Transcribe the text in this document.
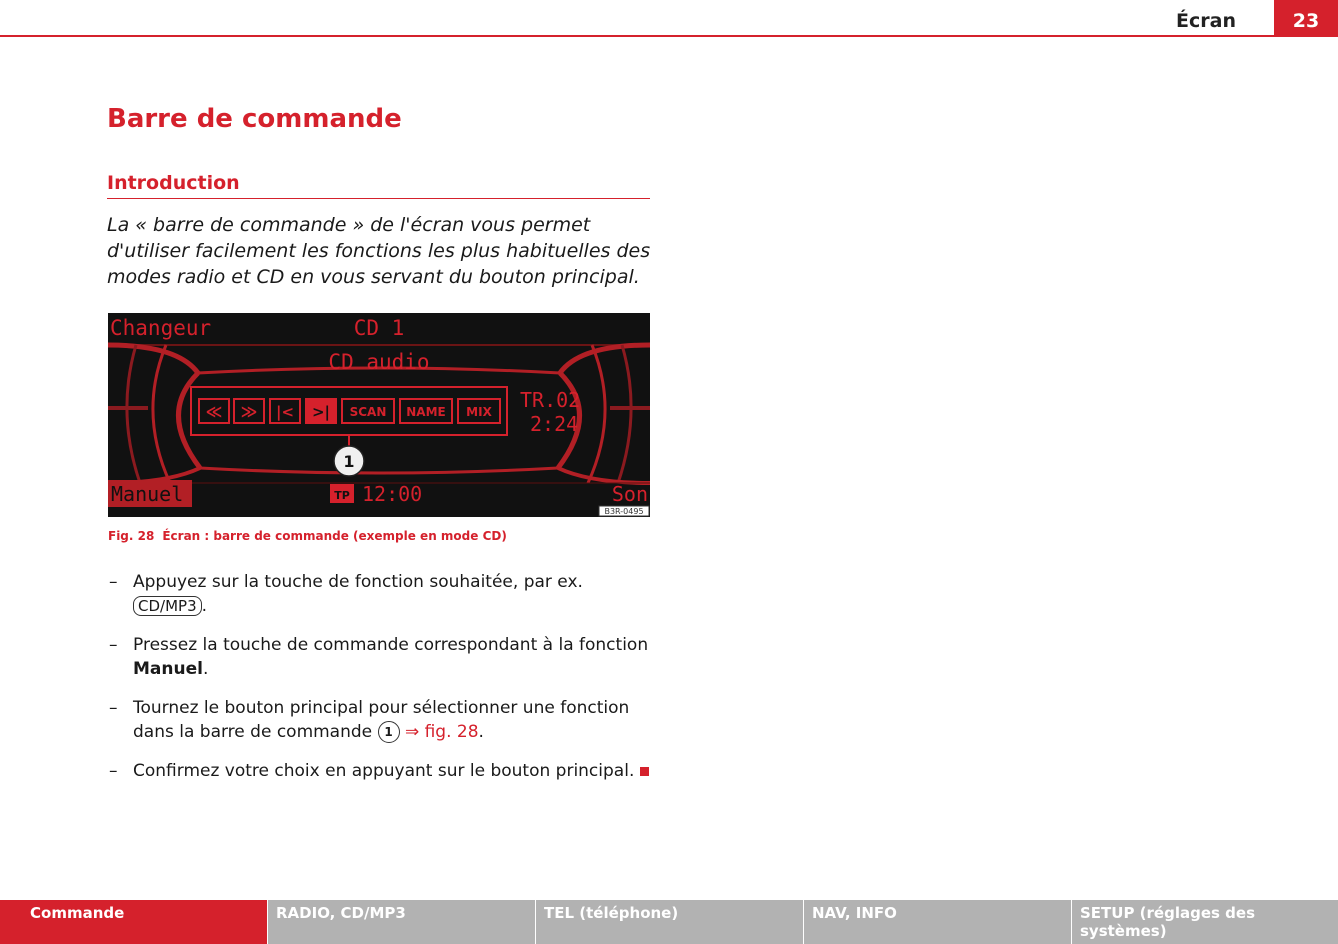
Écran	23
Barre de commande
Introduction
La « barre de commande » de l'écran vous permet d'utiliser facilement les fonctions les plus habituelles des modes radio et CD en vous servant du bouton principal.
Changeur	CD 1
CD audio
≪ ≫ |< >| SCAN NAME MIX TR.02
2:24
1
Manuel	TP 12:00	Son
B3R-0495
Fig. 28 Écran : barre de commande (exemple en mode CD)
– Appuyez sur la touche de fonction souhaitée, par ex. CD/MP3 .
– Pressez la touche de commande correspondant à la fonction Manuel.
– Tournez le bouton principal pour sélectionner une fonction dans la barre de commande 1 ⇒ fig. 28.
– Confirmez votre choix en appuyant sur le bouton principal.
Commande	RADIO, CD/MP3	TEL (téléphone)	NAV, INFO	SETUP (réglages des systèmes)
